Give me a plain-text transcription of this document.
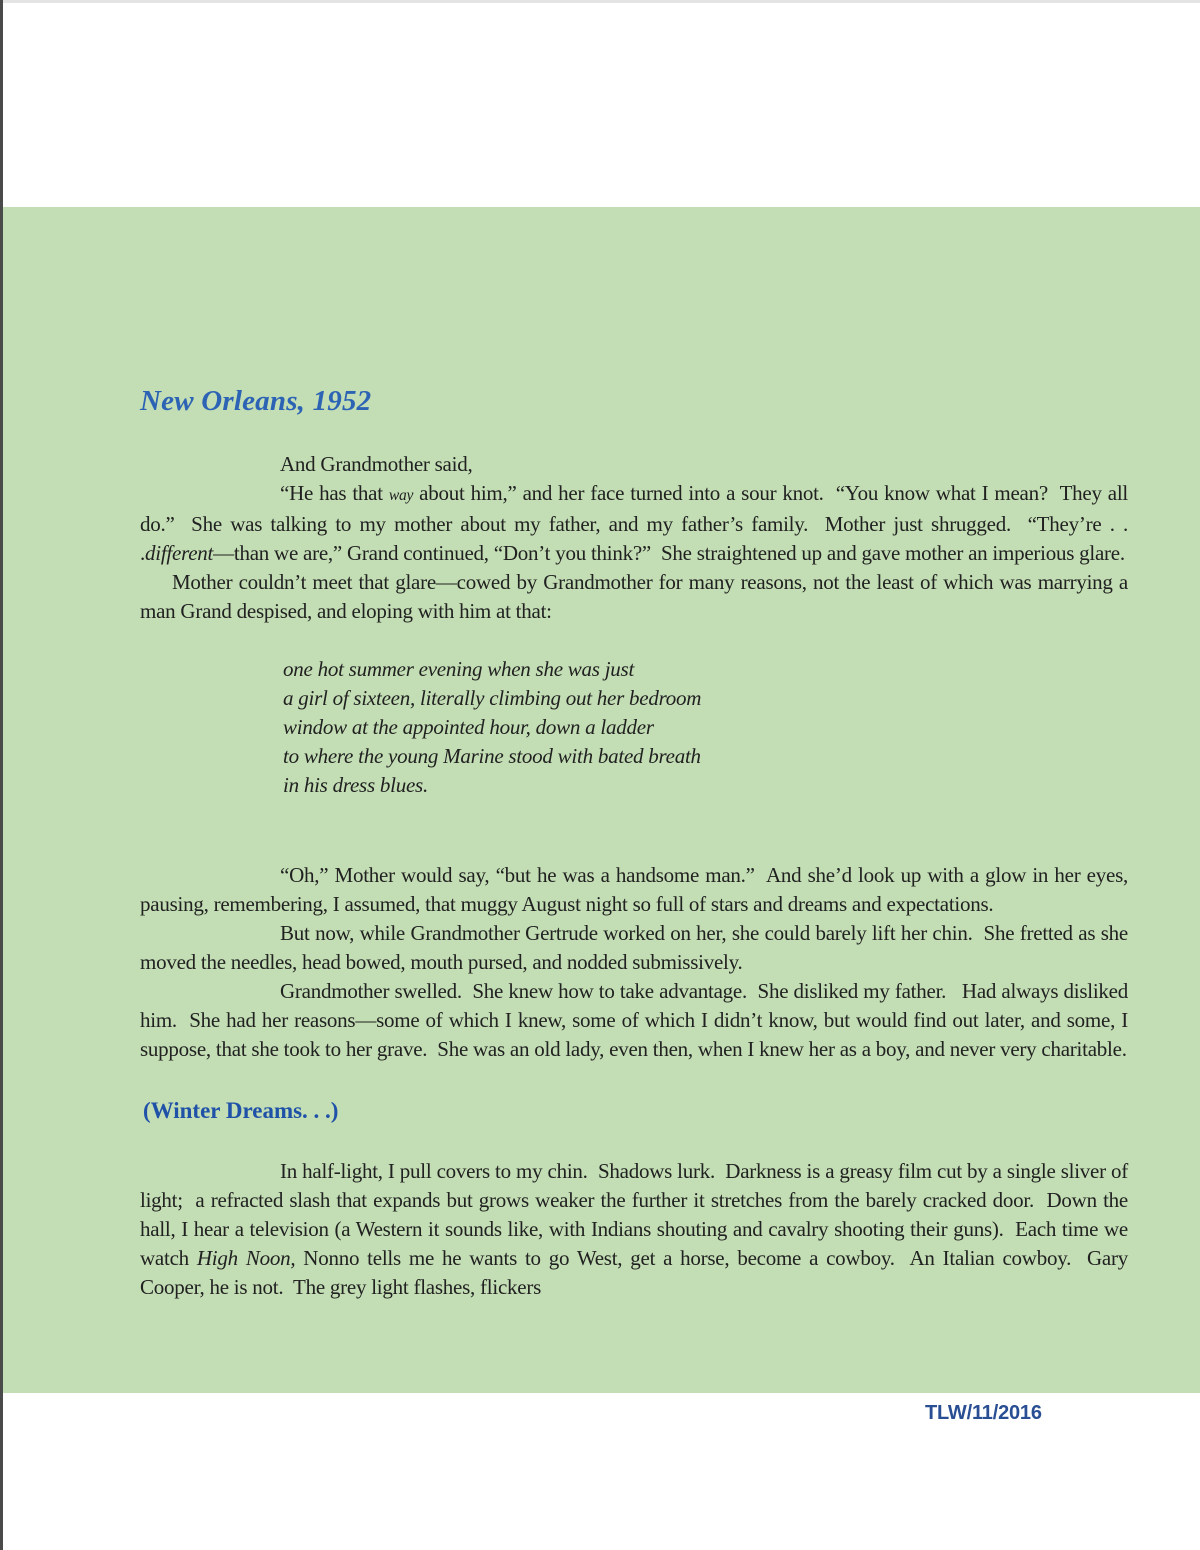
New Orleans, 1952

And Grandmother said,

“He has that way about him,” and her face turned into a sour knot.  “You know what I mean?  They all do.”  She was talking to my mother about my father, and my father’s family.  Mother just shrugged.  “They’re . . .different—than we are,” Grand continued, “Don’t you think?”  She straightened up and gave mother an imperious glare.

Mother couldn’t meet that glare—cowed by Grandmother for many reasons, not the least of which was marrying a man Grand despised, and eloping with him at that:

one hot summer evening when she was just
a girl of sixteen, literally climbing out her bedroom
window at the appointed hour, down a ladder
to where the young Marine stood with bated breath
in his dress blues.

“Oh,” Mother would say, “but he was a handsome man.”  And she’d look up with a glow in her eyes, pausing, remembering, I assumed, that muggy August night so full of stars and dreams and expectations.

But now, while Grandmother Gertrude worked on her, she could barely lift her chin.  She fretted as she moved the needles, head bowed, mouth pursed, and nodded submissively.

Grandmother swelled.  She knew how to take advantage.  She disliked my father.   Had always disliked him.  She had her reasons—some of which I knew, some of which I didn’t know, but would find out later, and some, I suppose, that she took to her grave.  She was an old lady, even then, when I knew her as a boy, and never very charitable.

(Winter Dreams. . .)

In half-light, I pull covers to my chin.  Shadows lurk.  Darkness is a greasy film cut by a single sliver of light;  a refracted slash that expands but grows weaker the further it stretches from the barely cracked door.  Down the hall, I hear a television (a Western it sounds like, with Indians shouting and cavalry shooting their guns).  Each time we watch High Noon, Nonno tells me he wants to go West, get a horse, become a cowboy.  An Italian cowboy.  Gary Cooper, he is not.  The grey light flashes, flickers

TLW/11/2016
